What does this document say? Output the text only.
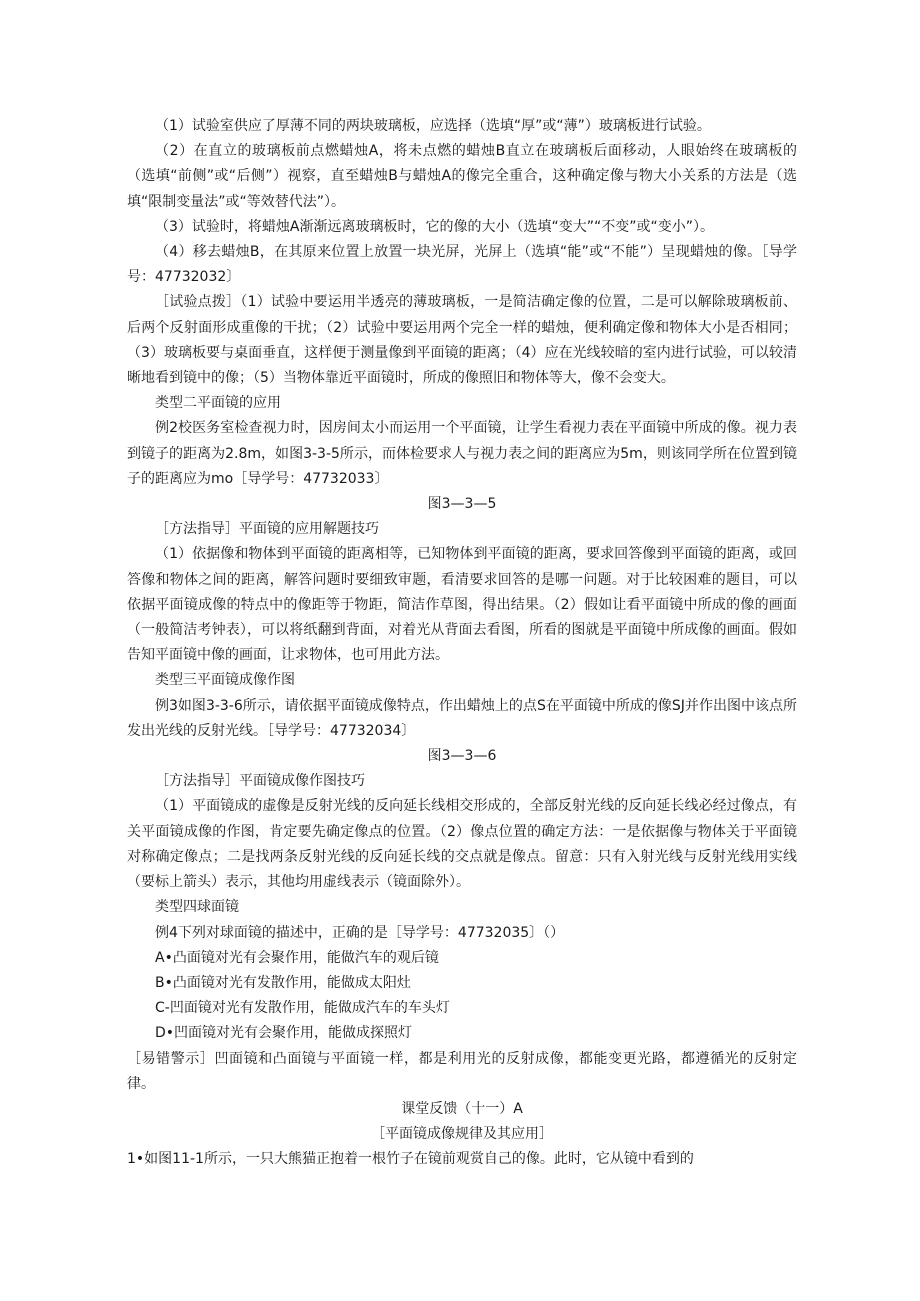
（1）试验室供应了厚薄不同的两块玻璃板，应选择（选填“厚”或“薄”）玻璃板进行试验。

（2）在直立的玻璃板前点燃蜡烛A，将未点燃的蜡烛B直立在玻璃板后面移动，人眼始终在玻璃板的（选填“前侧”或“后侧”）视察，直至蜡烛B与蜡烛A的像完全重合，这种确定像与物大小关系的方法是（选填“限制变量法”或“等效替代法”）。

（3）试验时，将蜡烛A渐渐远离玻璃板时，它的像的大小（选填“变大”“不变”或“变小”）。

（4）移去蜡烛B，在其原来位置上放置一块光屏，光屏上（选填“能”或“不能”）呈现蜡烛的像。［导学号：47732032〕

［试验点拨］（1）试验中要运用半透亮的薄玻璃板，一是简洁确定像的位置，二是可以解除玻璃板前、后两个反射面形成重像的干扰；（2）试验中要运用两个完全一样的蜡烛，便利确定像和物体大小是否相同；（3）玻璃板要与桌面垂直，这样便于测量像到平面镜的距离；（4）应在光线较暗的室内进行试验，可以较清晰地看到镜中的像；（5）当物体靠近平面镜时，所成的像照旧和物体等大，像不会变大。

类型二平面镜的应用

例2校医务室检查视力时，因房间太小而运用一个平面镜，让学生看视力表在平面镜中所成的像。视力表到镜子的距离为2.8m，如图3-3-5所示，而体检要求人与视力表之间的距离应为5m，则该同学所在位置到镜子的距离应为mo［导学号：47732033〕

图3—3—5

［方法指导］平面镜的应用解题技巧

（1）依据像和物体到平面镜的距离相等，已知物体到平面镜的距离，要求回答像到平面镜的距离，或回答像和物体之间的距离，解答问题时要细致审题，看清要求回答的是哪一问题。对于比较困难的题目，可以依据平面镜成像的特点中的像距等于物距，简洁作草图，得出结果。（2）假如让看平面镜中所成的像的画面（一般简洁考钟表），可以将纸翻到背面，对着光从背面去看图，所看的图就是平面镜中所成像的画面。假如告知平面镜中像的画面，让求物体，也可用此方法。

类型三平面镜成像作图

例3如图3-3-6所示，请依据平面镜成像特点，作出蜡烛上的点S在平面镜中所成的像SJ并作出图中该点所发出光线的反射光线。［导学号：47732034〕

图3—3—6

［方法指导］平面镜成像作图技巧

（1）平面镜成的虚像是反射光线的反向延长线相交形成的，全部反射光线的反向延长线必经过像点，有关平面镜成像的作图，肯定要先确定像点的位置。（2）像点位置的确定方法：一是依据像与物体关于平面镜对称确定像点；二是找两条反射光线的反向延长线的交点就是像点。留意：只有入射光线与反射光线用实线（要标上箭头）表示，其他均用虚线表示（镜面除外）。

类型四球面镜

例4下列对球面镜的描述中，正确的是［导学号：47732035〕（）

A•凸面镜对光有会聚作用，能做汽车的观后镜

B•凸面镜对光有发散作用，能做成太阳灶

C-凹面镜对光有发散作用，能做成汽车的车头灯

D•凹面镜对光有会聚作用，能做成探照灯

［易错警示］凹面镜和凸面镜与平面镜一样，都是利用光的反射成像，都能变更光路，都遵循光的反射定律。

课堂反馈（十一）A

［平面镜成像规律及其应用］

1•如图11-1所示，一只大熊猫正抱着一根竹子在镜前观赏自己的像。此时，它从镜中看到的
